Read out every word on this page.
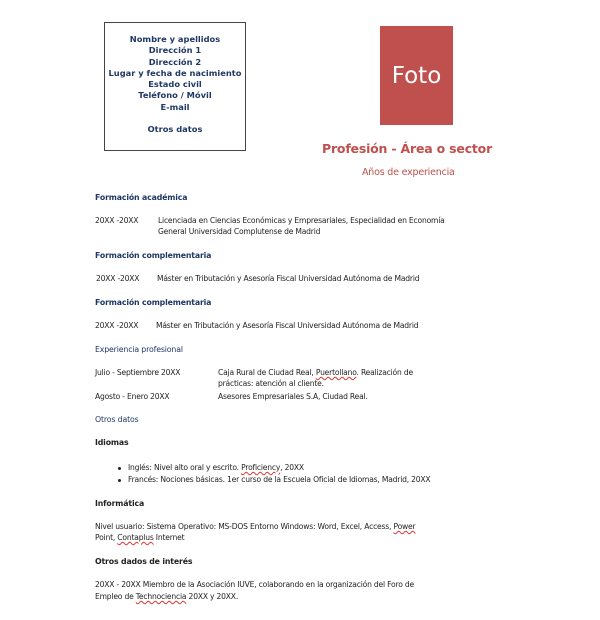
Nombre y apellidos
Dirección 1
Dirección 2
Lugar y fecha de nacimiento
Estado civil
Teléfono / Móvil
E-mail
Otros datos
Foto
Profesión - Área o sector
Años de experiencia
Formación académica
20XX -20XX	Licenciada en Ciencias Económicas y Empresariales, Especialidad en Economía
General Universidad Complutense de Madrid
Formación complementaria
20XX -20XX Máster en Tributación y Asesoría Fiscal Universidad Autónoma de Madrid
Formación complementaria
20XX -20XX Máster en Tributación y Asesoría Fiscal Universidad Autónoma de Madrid
Experiencia profesional
Julio - Septiembre 20XX	Caja Rural de Ciudad Real, Puertollano. Realización de
prácticas: atención al cliente.
Agosto - Enero 20XX	Asesores Empresariales S.A, Ciudad Real.
Otros datos
Idiomas
Inglés: Nivel alto oral y escrito. Proficiency, 20XX
Francés: Nociones básicas. 1er curso de la Escuela Oficial de Idiomas, Madrid, 20XX
Informática
Nivel usuario: Sistema Operativo: MS-DOS Entorno Windows: Word, Excel, Access, Power
Point, Contaplus Internet
Otros dados de interés
20XX - 20XX Miembro de la Asociación IUVE, colaborando en la organización del Foro de
Empleo de Technociencia 20XX y 20XX.
